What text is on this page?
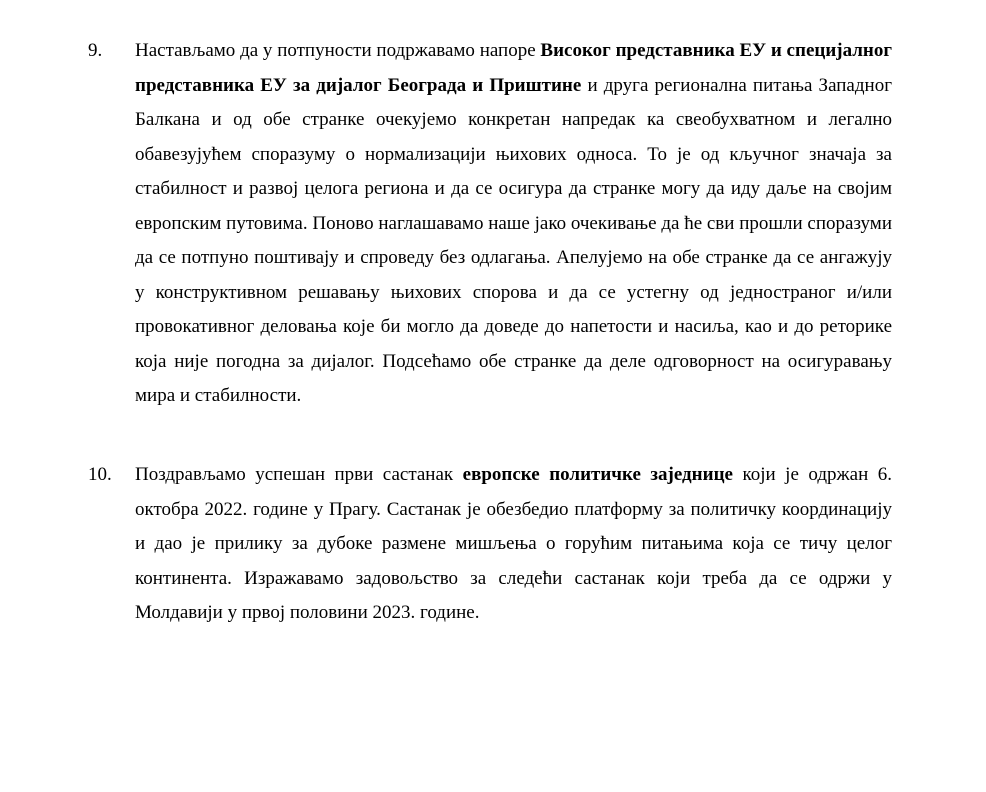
9. Настављамо да у потпуности подржавамо напоре Високог представника ЕУ и специјалног представника ЕУ за дијалог Београда и Приштине и друга регионална питања Западног Балкана и од обе странке очекујемо конкретан напредак ка свеобухватном и легално обавезујућем споразуму о нормализацији њихових односа. То је од кључног значаја за стабилност и развој целога региона и да се осигура да странке могу да иду даље на својим европским путовима. Поново наглашавамо наше јако очекивање да ће сви прошли споразуми да се потпуно поштивају и спроведу без одлагања. Апелујемо на обе странке да се ангажују у конструктивном решавању њихових спорова и да се устегну од једностраног и/или провокативног деловања које би могло да доведе до напетости и насиља, као и до реторике која није погодна за дијалог. Подсећамо обе странке да деле одговорност на осигуравању мира и стабилности.
10. Поздрављамо успешан први састанак европске политичке заједнице који је одржан 6. октобра 2022. године у Прагу. Састанак је обезбедио платформу за политичку координацију и дао је прилику за дубоке размене мишљења о горућим питањима која се тичу целог континента. Изражавамо задовољство за следећи састанак који треба да се одржи у Молдавији у првој половини 2023. године.
